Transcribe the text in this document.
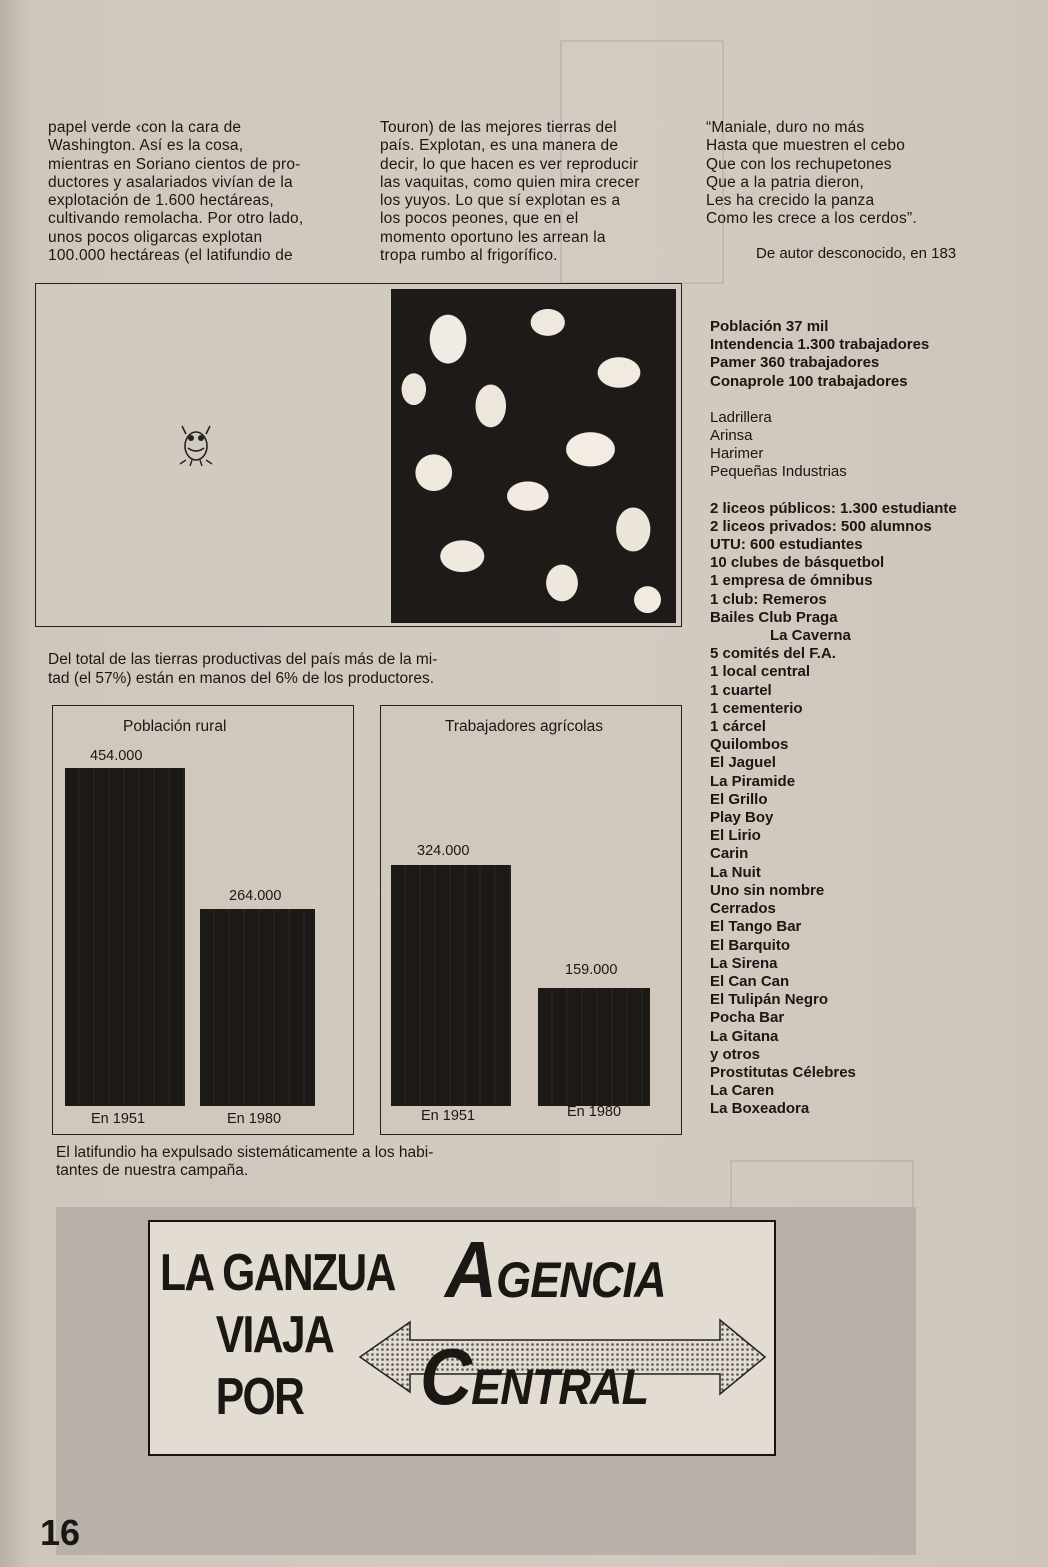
papel verde ‹con la cara de

Washington. Así es la cosa,

mientras en Soriano cientos de pro-

ductores y asalariados vivían de la

explotación de 1.600 hectáreas,

cultivando remolacha. Por otro lado,

unos pocos oligarcas explotan

100.000 hectáreas (el latifundio de

Touron) de las mejores tierras del

país. Explotan, es una manera de

decir, lo que hacen es ver reproducir

las vaquitas, como quien mira crecer

los yuyos. Lo que sí explotan es a

los pocos peones, que en el

momento oportuno les arrean la

tropa rumbo al frigorífico.

“Maniale, duro no más
Hasta que muestren el cebo
Que con los rechupetones
Que a la patria dieron,
Les ha crecido la panza
Como les crece a los cerdos”.
De autor desconocido, en 183
Del total de las tierras productivas del país más de la mi-
tad (el 57%) están en manos del 6% de los productores.
Población rural
454.000
264.000
En 1951	En 1980
Trabajadores agrícolas
324.000
159.000
En 1951	En 1980
El latifundio ha expulsado sistemáticamente a los habi-
tantes de nuestra campaña.
Población 37 mil
Intendencia 1.300 trabajadores
Pamer 360 trabajadores
Conaprole 100 trabajadores
Ladrillera
Arinsa
Harimer
Pequeñas Industrias
2 liceos públicos: 1.300 estudiante
2 liceos privados: 500 alumnos
UTU: 600 estudiantes
10 clubes de básquetbol
1 empresa de ómnibus
1 club: Remeros
Bailes Club Praga
La Caverna
5 comités del F.A.
1 local central
1 cuartel
1 cementerio
1 cárcel
Quilombos
El Jaguel
La Piramide
El Grillo
Play Boy
El Lirio
Carin
La Nuit
Uno sin nombre
Cerrados
El Tango Bar
El Barquito
La Sirena
El Can Can
El Tulipán Negro
Pocha Bar
La Gitana
y otros
Prostitutas Célebres
La Caren
La Boxeadora
LA GANZUA
VIAJA
POR
AGENCIA
CENTRAL
16
